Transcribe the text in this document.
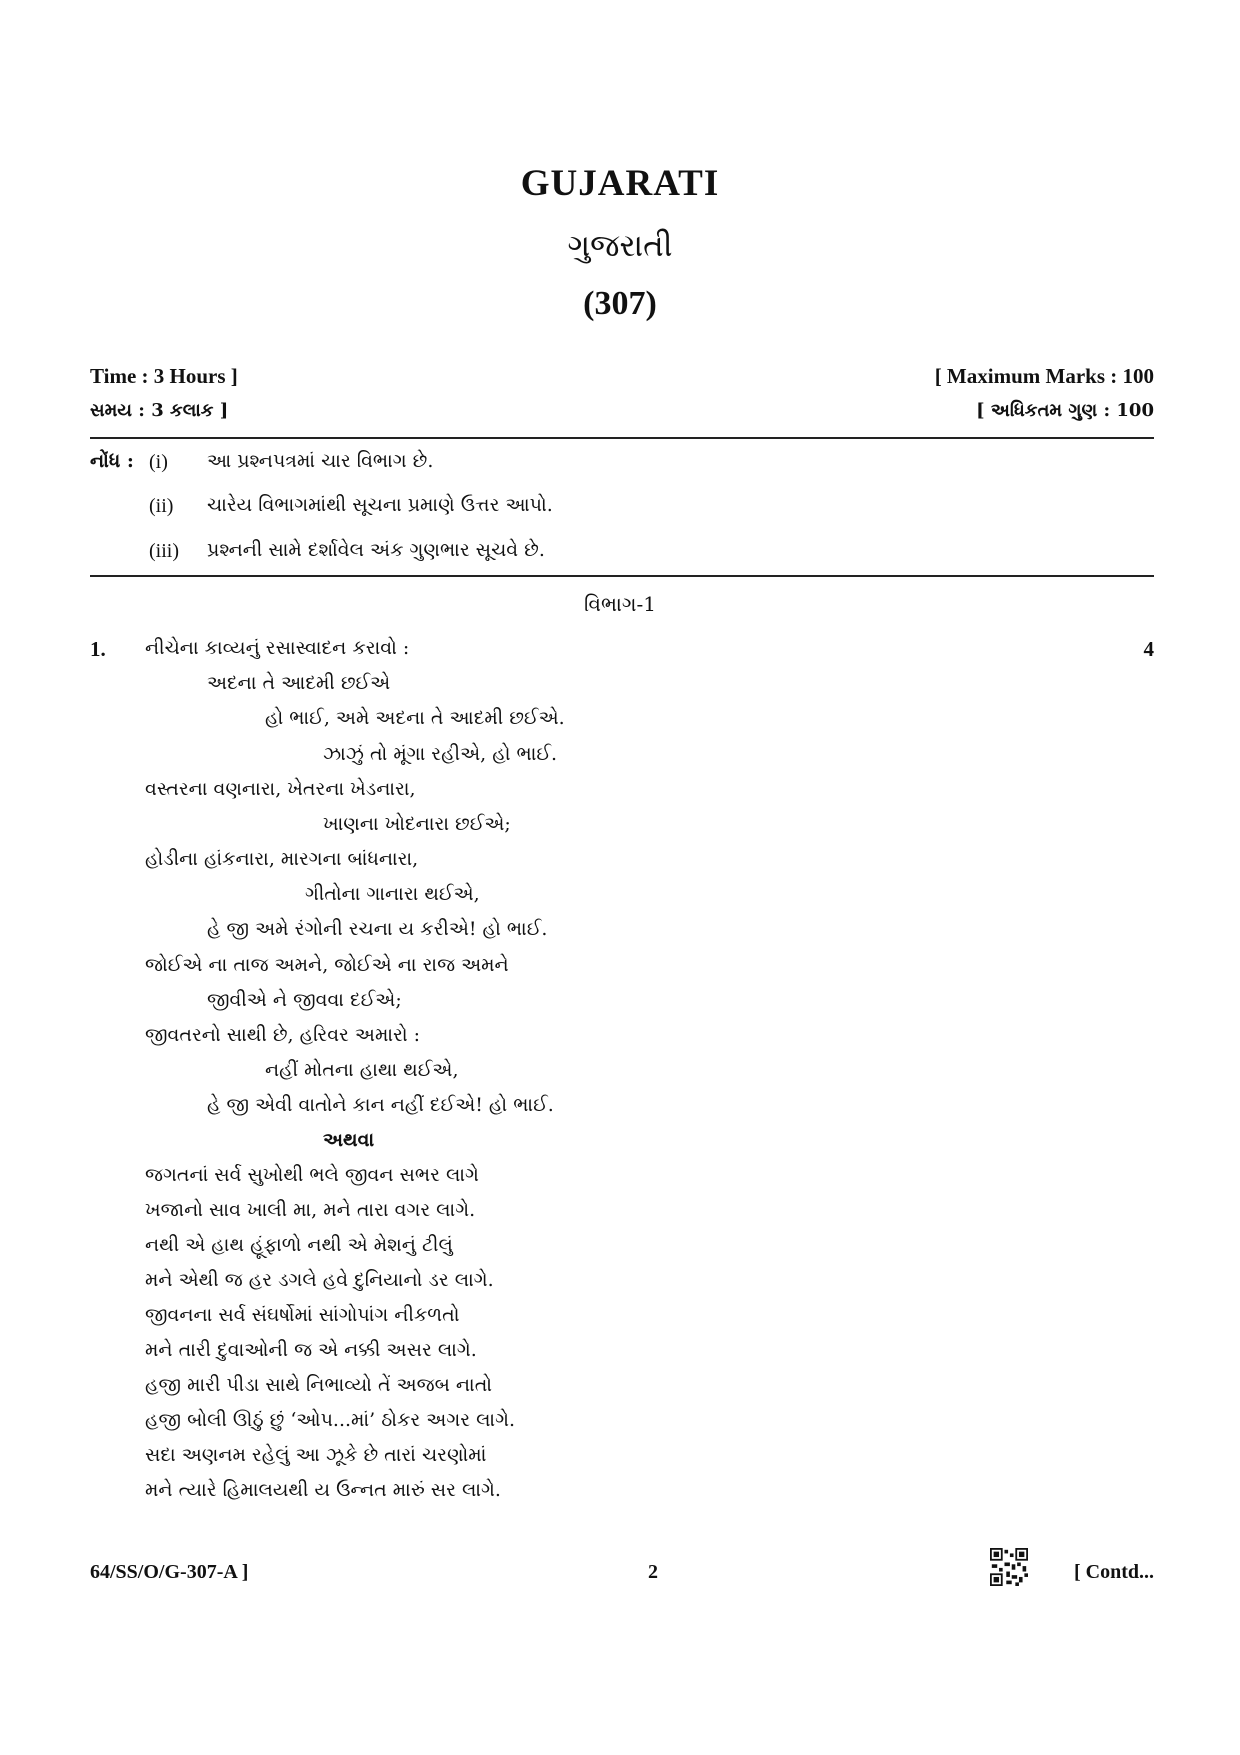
GUJARATI
ગુજરાતી
(307)
Time : 3 Hours ]
સમય : 3 કલાક ]
[ Maximum Marks : 100
[ અધિકતમ ગુણ : 100
નોંધ : (i) આ પ્રશ્નપત્રમાં ચાર વિભાગ છે.
(ii) ચારેય વિભાગમાંથી સૂચના પ્રમાણે ઉત્તર આપો.
(iii) પ્રશ્નની સામે દર્શાવેલ અંક ગુણભાર સૂચવે છે.
વિભાગ-1
1. નીચેના કાવ્યનું રસાસ્વાદન કરાવો :	4
અદના તે આદમી છઈએ
હો ભાઈ, અમે અદના તે આદમી છઈએ.
ઝાઝું તો મૂંગા રહીએ, હો ભાઈ.
વસ્તરના વણનારા, ખેતરના ખેડનારા,
ખાણના ખોદનારા છઈએ;
હોડીના હાંકનારા, મારગના બાંધનારા,
ગીતોના ગાનારા થઈએ,
હે જી અમે રંગોની રચના ય કરીએ! હો ભાઈ.
જોઈએ ના તાજ અમને, જોઈએ ના રાજ અમને
જીવીએ ને જીવવા દઈએ;
જીવતરનો સાથી છે, હરિવર અમારો :
નહીં મોતના હાથા થઈએ,
હે જી એવી વાતોને કાન નહીં દઈએ! હો ભાઈ.
અથવા
જગતનાં સર્વ સુખોથી ભલે જીવન સભર લાગે
ખજાનો સાવ ખાલી મા, મને તારા વગર લાગે.
નથી એ હાથ હૂંફાળો નથી એ મેશનું ટીલું
મને એથી જ હર ડગલે હવે દુનિયાનો ડર લાગે.
જીવનના સર્વ સંઘર્ષોમાં સાંગોપાંગ નીકળતો
મને તારી દુવાઓની જ એ નક્કી અસર લાગે.
હજી મારી પીડા સાથે નિભાવ્યો તેં અજબ નાતો
હજી બોલી ઊઠું છું ‘ઓપ...માં’ ઠોકર અગર લાગે.
સદા અણનમ રહેલું આ ઝૂકે છે તારાં ચરણોમાં
મને ત્યારે હિમાલયથી ય ઉન્નત મારું સર લાગે.
64/SS/O/G-307-A ]	2	[ Contd...
